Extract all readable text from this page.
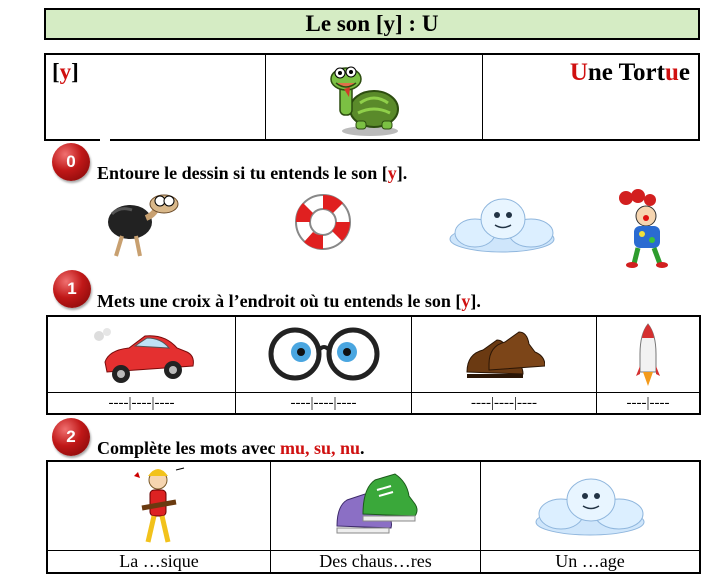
Le son [y] : U
[y]	Une Tortue
0
Entoure le dessin si tu entends le son [y].
1
Mets une croix à l’endroit où tu entends le son [y].
----|----|----	----|----|----	----|----|----	----|----
2
Complète les mots avec mu, su, nu.
La …sique	Des chaus…res	Un …age
